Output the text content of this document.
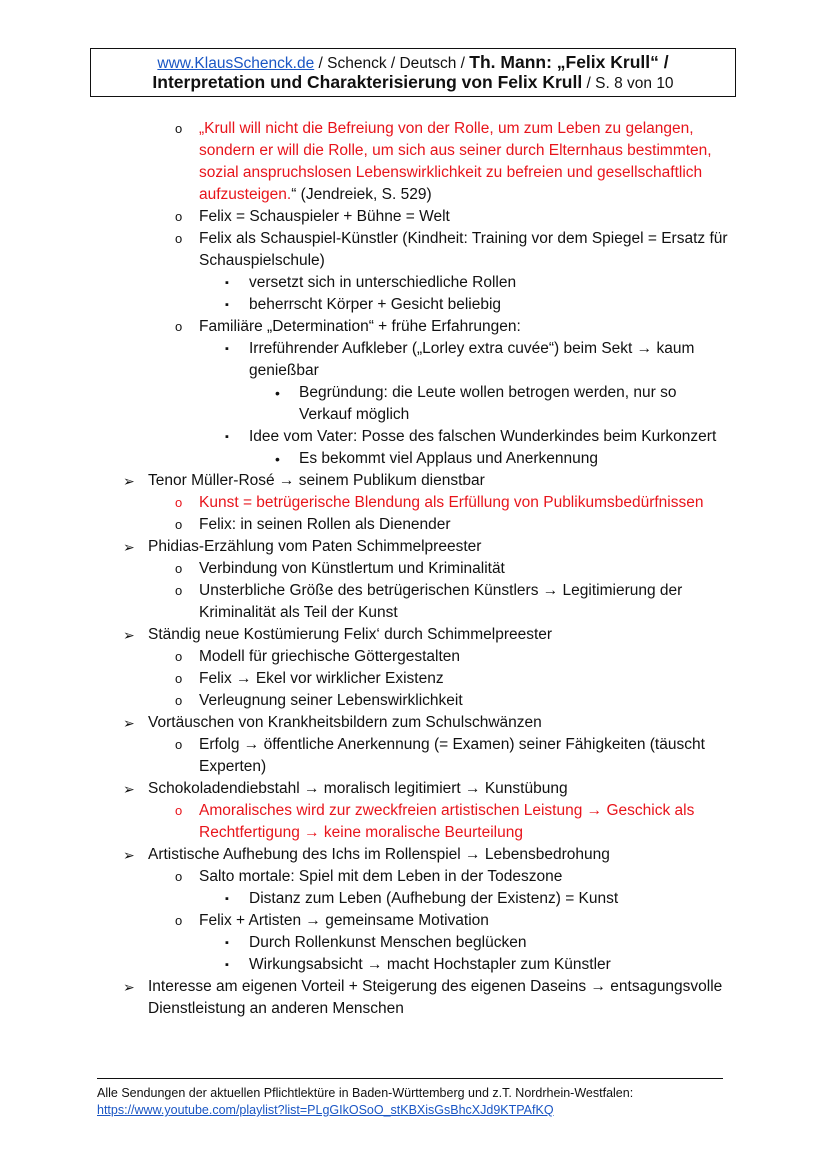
www.KlausSchenck.de / Schenck / Deutsch / Th. Mann: „Felix Krull“ /
Interpretation und Charakterisierung von Felix Krull / S. 8 von 10
o „Krull will nicht die Befreiung von der Rolle, um zum Leben zu gelangen, sondern er will die Rolle, um sich aus seiner durch Elternhaus bestimmten, sozial anspruchslosen Lebenswirklichkeit zu befreien und gesellschaftlich aufzusteigen.“ (Jendreiek, S. 529)
o Felix = Schauspieler + Bühne = Welt
o Felix als Schauspiel-Künstler (Kindheit: Training vor dem Spiegel = Ersatz für Schauspielschule)
▪ versetzt sich in unterschiedliche Rollen
▪ beherrscht Körper + Gesicht beliebig
o Familiäre „Determination“ + frühe Erfahrungen:
▪ Irreführender Aufkleber („Lorley extra cuvée“) beim Sekt → kaum genießbar
• Begründung: die Leute wollen betrogen werden, nur so Verkauf möglich
▪ Idee vom Vater: Posse des falschen Wunderkindes beim Kurkonzert
• Es bekommt viel Applaus und Anerkennung
➢ Tenor Müller-Rosé → seinem Publikum dienstbar
o Kunst = betrügerische Blendung als Erfüllung von Publikumsbedürfnissen
o Felix: in seinen Rollen als Dienender
➢ Phidias-Erzählung vom Paten Schimmelpreester
o Verbindung von Künstlertum und Kriminalität
o Unsterbliche Größe des betrügerischen Künstlers → Legitimierung der Kriminalität als Teil der Kunst
➢ Ständig neue Kostümierung Felix‘ durch Schimmelpreester
o Modell für griechische Göttergestalten
o Felix → Ekel vor wirklicher Existenz
o Verleugnung seiner Lebenswirklichkeit
➢ Vortäuschen von Krankheitsbildern zum Schulschwänzen
o Erfolg → öffentliche Anerkennung (= Examen) seiner Fähigkeiten (täuscht Experten)
➢ Schokoladendiebstahl → moralisch legitimiert → Kunstübung
o Amoralisches wird zur zweckfreien artistischen Leistung → Geschick als Rechtfertigung → keine moralische Beurteilung
➢ Artistische Aufhebung des Ichs im Rollenspiel → Lebensbedrohung
o Salto mortale: Spiel mit dem Leben in der Todeszone
▪ Distanz zum Leben (Aufhebung der Existenz) = Kunst
o Felix + Artisten → gemeinsame Motivation
▪ Durch Rollenkunst Menschen beglücken
▪ Wirkungsabsicht → macht Hochstapler zum Künstler
➢ Interesse am eigenen Vorteil + Steigerung des eigenen Daseins → entsagungsvolle Dienstleistung an anderen Menschen
Alle Sendungen der aktuellen Pflichtlektüre in Baden-Württemberg und z.T. Nordrhein-Westfalen:
https://www.youtube.com/playlist?list=PLgGIkOSoO_stKBXisGsBhcXJd9KTPAfKQ
